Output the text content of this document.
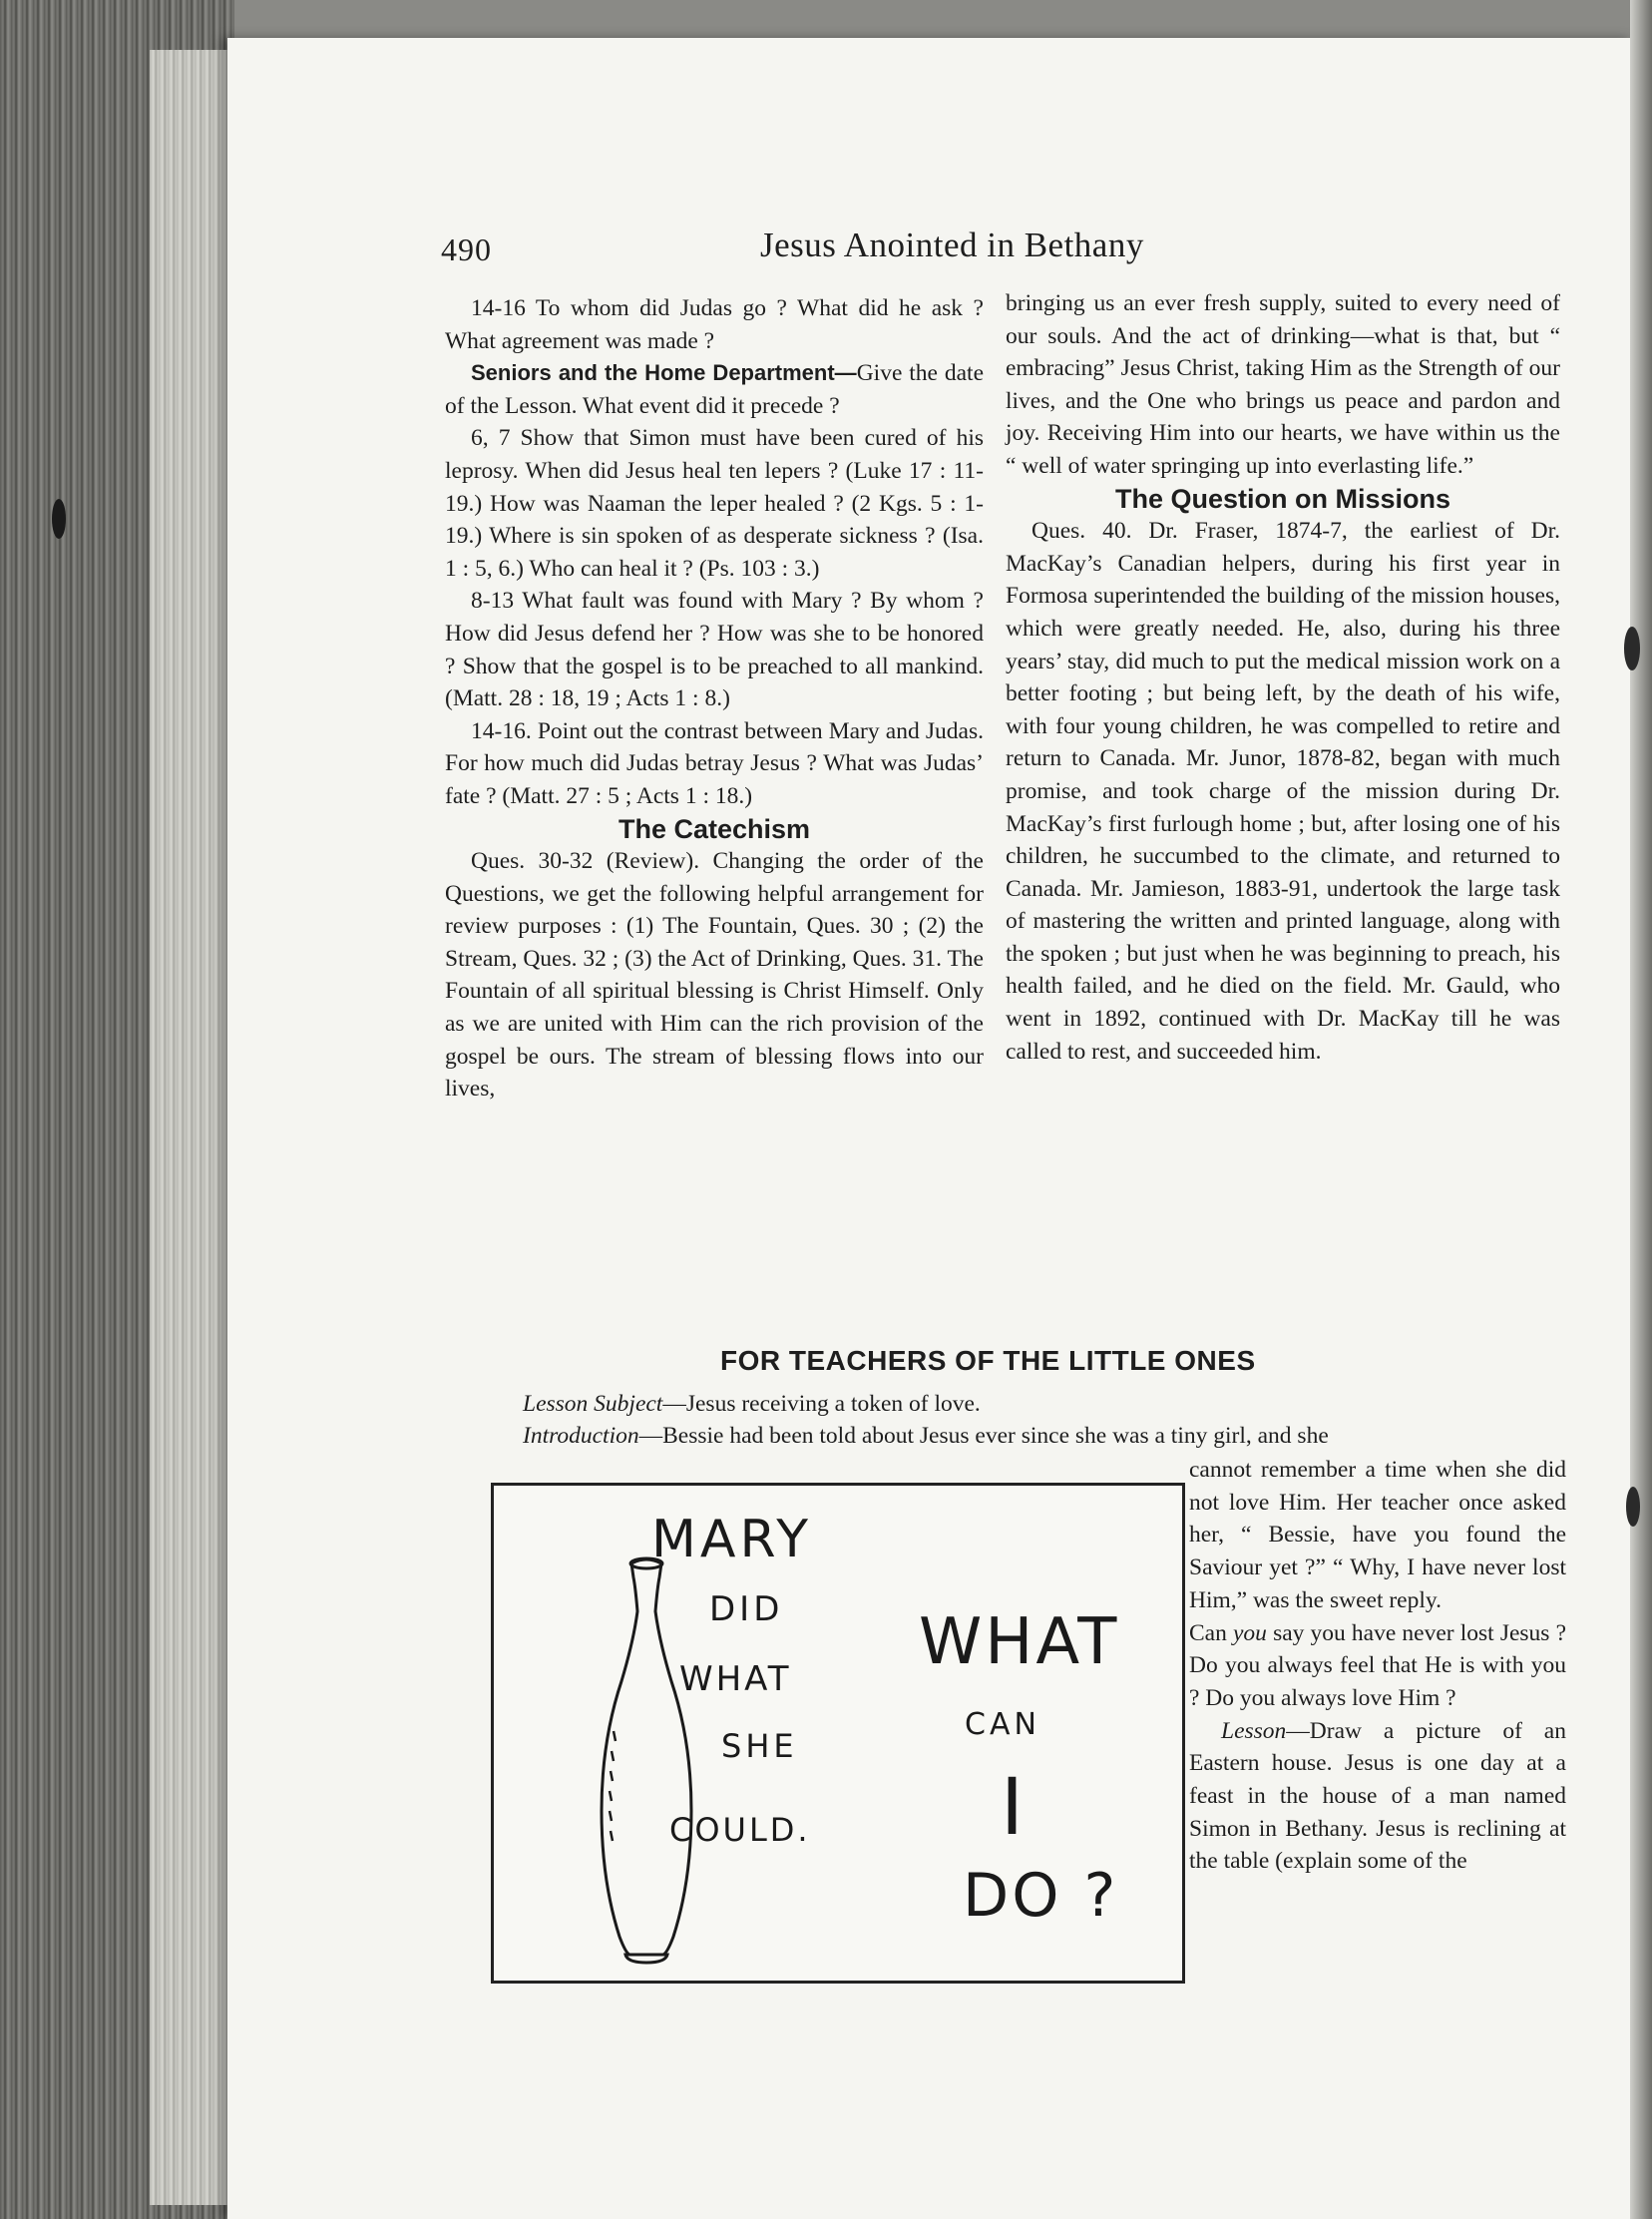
490	Jesus Anointed in Bethany

14-16 To whom did Judas go ? What did he ask ? What agreement was made ?

Seniors and the Home Department—Give the date of the Lesson. What event did it precede ?

6, 7 Show that Simon must have been cured of his leprosy. When did Jesus heal ten lepers ? (Luke 17 : 11-19.) How was Naaman the leper healed ? (2 Kgs. 5 : 1-19.) Where is sin spoken of as desperate sickness ? (Isa. 1 : 5, 6.) Who can heal it ? (Ps. 103 : 3.)

8-13 What fault was found with Mary ? By whom ? How did Jesus defend her ? How was she to be honored ? Show that the gospel is to be preached to all mankind. (Matt. 28 : 18, 19 ; Acts 1 : 8.)

14-16. Point out the contrast between Mary and Judas. For how much did Judas betray Jesus ? What was Judas’ fate ? (Matt. 27 : 5 ; Acts 1 : 18.)

The Catechism

Ques. 30-32 (Review). Changing the order of the Questions, we get the following helpful arrangement for review purposes : (1) The Fountain, Ques. 30 ; (2) the Stream, Ques. 32 ; (3) the Act of Drinking, Ques. 31. The Fountain of all spiritual blessing is Christ Himself. Only as we are united with Him can the rich provision of the gospel be ours. The stream of blessing flows into our lives,

bringing us an ever fresh supply, suited to every need of our souls. And the act of drinking—what is that, but “ embracing” Jesus Christ, taking Him as the Strength of our lives, and the One who brings us peace and pardon and joy. Receiving Him into our hearts, we have within us the “ well of water springing up into everlasting life.”

The Question on Missions

Ques. 40. Dr. Fraser, 1874-7, the earliest of Dr. MacKay’s Canadian helpers, during his first year in Formosa superintended the building of the mission houses, which were greatly needed. He, also, during his three years’ stay, did much to put the medical mission work on a better footing ; but being left, by the death of his wife, with four young children, he was compelled to retire and return to Canada. Mr. Junor, 1878-82, began with much promise, and took charge of the mission during Dr. MacKay’s first furlough home ; but, after losing one of his children, he succumbed to the climate, and returned to Canada. Mr. Jamieson, 1883-91, undertook the large task of mastering the written and printed language, along with the spoken ; but just when he was beginning to preach, his health failed, and he died on the field. Mr. Gauld, who went in 1892, continued with Dr. MacKay till he was called to rest, and succeeded him.

FOR TEACHERS OF THE LITTLE ONES
Lesson Subject—Jesus receiving a token of love.
Introduction—Bessie had been told about Jesus ever since she was a tiny girl, and she

cannot remember a time when she did not love Him. Her teacher once asked her, “ Bessie, have you found the Saviour yet ?” “ Why, I have never lost Him,” was the sweet reply.

Can you say you have never lost Jesus ? Do you always feel that He is with you ? Do you always love Him ?

Lesson—Draw a picture of an Eastern house. Jesus is one day at a feast in the house of a man named Simon in Bethany. Jesus is reclining at the table (explain some of the

MARY
DID
WHAT
SHE
COULD.
WHAT
CAN
I
DO ?
